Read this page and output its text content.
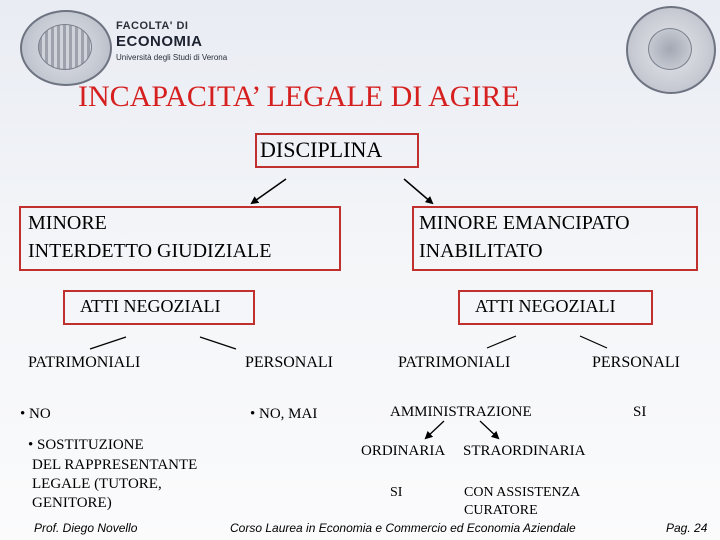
FACOLTA' DI
ECONOMIA
Università degli Studi di Verona
INCAPACITA’ LEGALE DI AGIRE
DISCIPLINA
MINORE
INTERDETTO GIUDIZIALE
MINORE EMANCIPATO
INABILITATO
ATTI NEGOZIALI	ATTI NEGOZIALI
PATRIMONIALI	PERSONALI	PATRIMONIALI	PERSONALI
• NO
• SOSTITUZIONE
DEL RAPPRESENTANTE
LEGALE (TUTORE,
GENITORE)
• NO, MAI	AMMINISTRAZIONE	SI
ORDINARIA STRAORDINARIA
SI	CON ASSISTENZA
CURATORE
Prof. Diego Novello	Corso Laurea in Economia e Commercio ed Economia Aziendale	Pag. 24
